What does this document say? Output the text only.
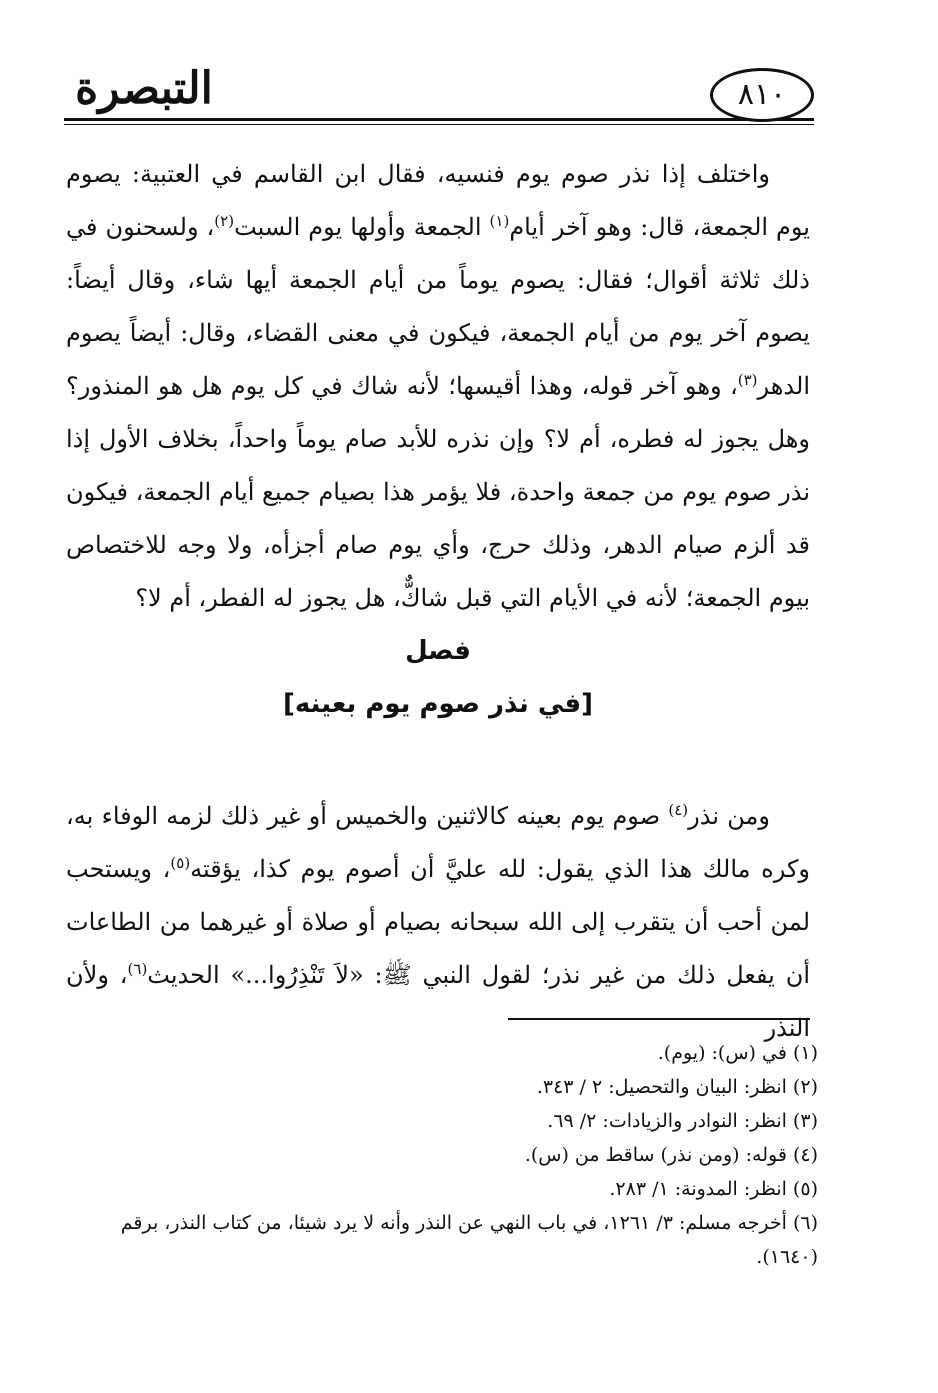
التبصرة	٨١٠

واختلف إذا نذر صوم يوم فنسيه، فقال ابن القاسم في العتبية: يصوم يوم الجمعة، قال: وهو آخر أيام$^{(١)}$ الجمعة وأولها يوم السبت$^{(٢)}$، ولسحنون في ذلك ثلاثة أقوال؛ فقال: يصوم يوماً من أيام الجمعة أيها شاء، وقال أيضاً: يصوم آخر يوم من أيام الجمعة، فيكون في معنى القضاء، وقال: أيضاً يصوم الدهر$^{(٣)}$، وهو آخر قوله، وهذا أقيسها؛ لأنه شاك في كل يوم هل هو المنذور؟ وهل يجوز له فطره، أم لا؟ وإن نذره للأبد صام يوماً واحداً، بخلاف الأول إذا نذر صوم يوم من جمعة واحدة، فلا يؤمر هذا بصيام جميع أيام الجمعة، فيكون قد ألزم صيام الدهر، وذلك حرج، وأي يوم صام أجزأه، ولا وجه للاختصاص بيوم الجمعة؛ لأنه في الأيام التي قبل شاكٌّ، هل يجوز له الفطر، أم لا؟

فصل
[في نذر صوم يوم بعينه]

ومن نذر$^{(٤)}$ صوم يوم بعينه كالاثنين والخميس أو غير ذلك لزمه الوفاء به، وكره مالك هذا الذي يقول: لله عليَّ أن أصوم يوم كذا، يؤقته$^{(٥)}$، ويستحب لمن أحب أن يتقرب إلى الله سبحانه بصيام أو صلاة أو غيرهما من الطاعات أن يفعل ذلك من غير نذر؛ لقول النبي ﷺ: «لاَ تَنْذِرُوا...» الحديث$^{(٦)}$، ولأن النذر

(١) في (س): (يوم).

(٢) انظر: البيان والتحصيل: ٢ / ٣٤٣.

(٣) انظر: النوادر والزيادات: ٢/ ٦٩.

(٤) قوله: (ومن نذر) ساقط من (س).

(٥) انظر: المدونة: ١/ ٢٨٣.

(٦) أخرجه مسلم: ٣/ ١٢٦١، في باب النهي عن النذر وأنه لا يرد شيئا، من كتاب النذر، برقم (١٦٤٠).
